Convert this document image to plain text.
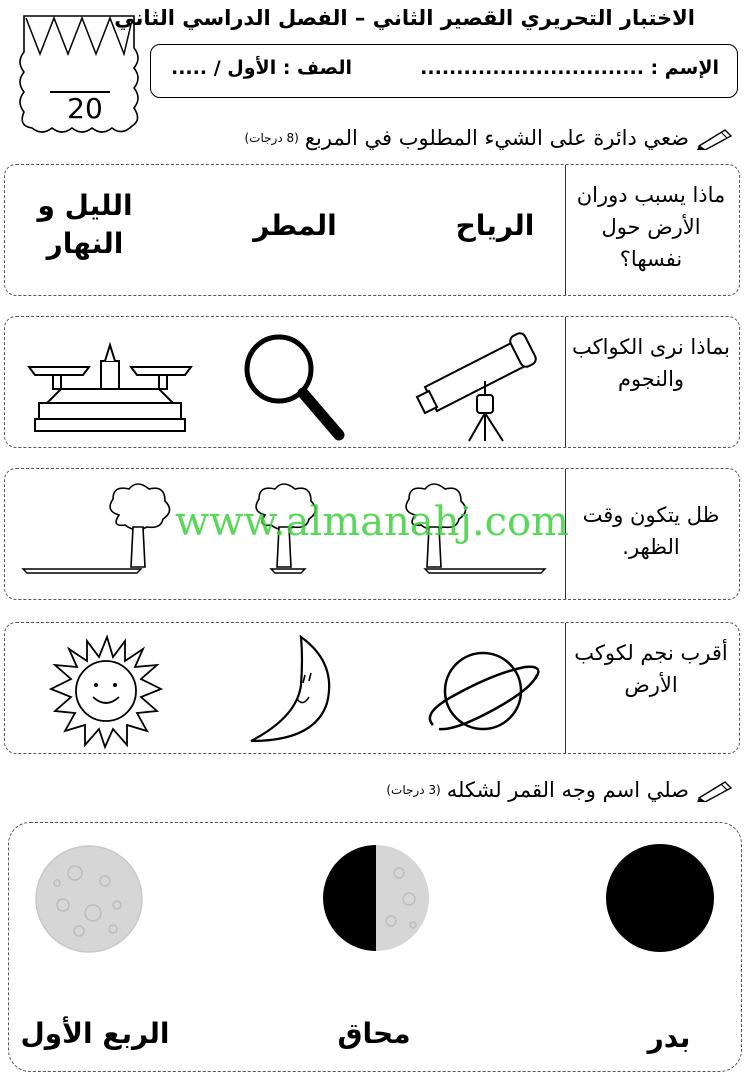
20
الاختبار التحريري القصير الثاني – الفصل الدراسي الثاني
الإسم : ...............................
الصف : الأول / .....
ضعي دائرة على الشيء المطلوب في المربع
(8 درجات)
ماذا يسبب دوران الأرض حول نفسها؟
الرياح
المطر
الليل و النهار
بماذا نرى الكواكب والنجوم
ظل يتكون وقت الظهر.
www.almanahj.com
أقرب نجم لكوكب الأرض
صلي اسم وجه القمر لشكله
(3 درجات)
بدر
محاق
الربع الأول
